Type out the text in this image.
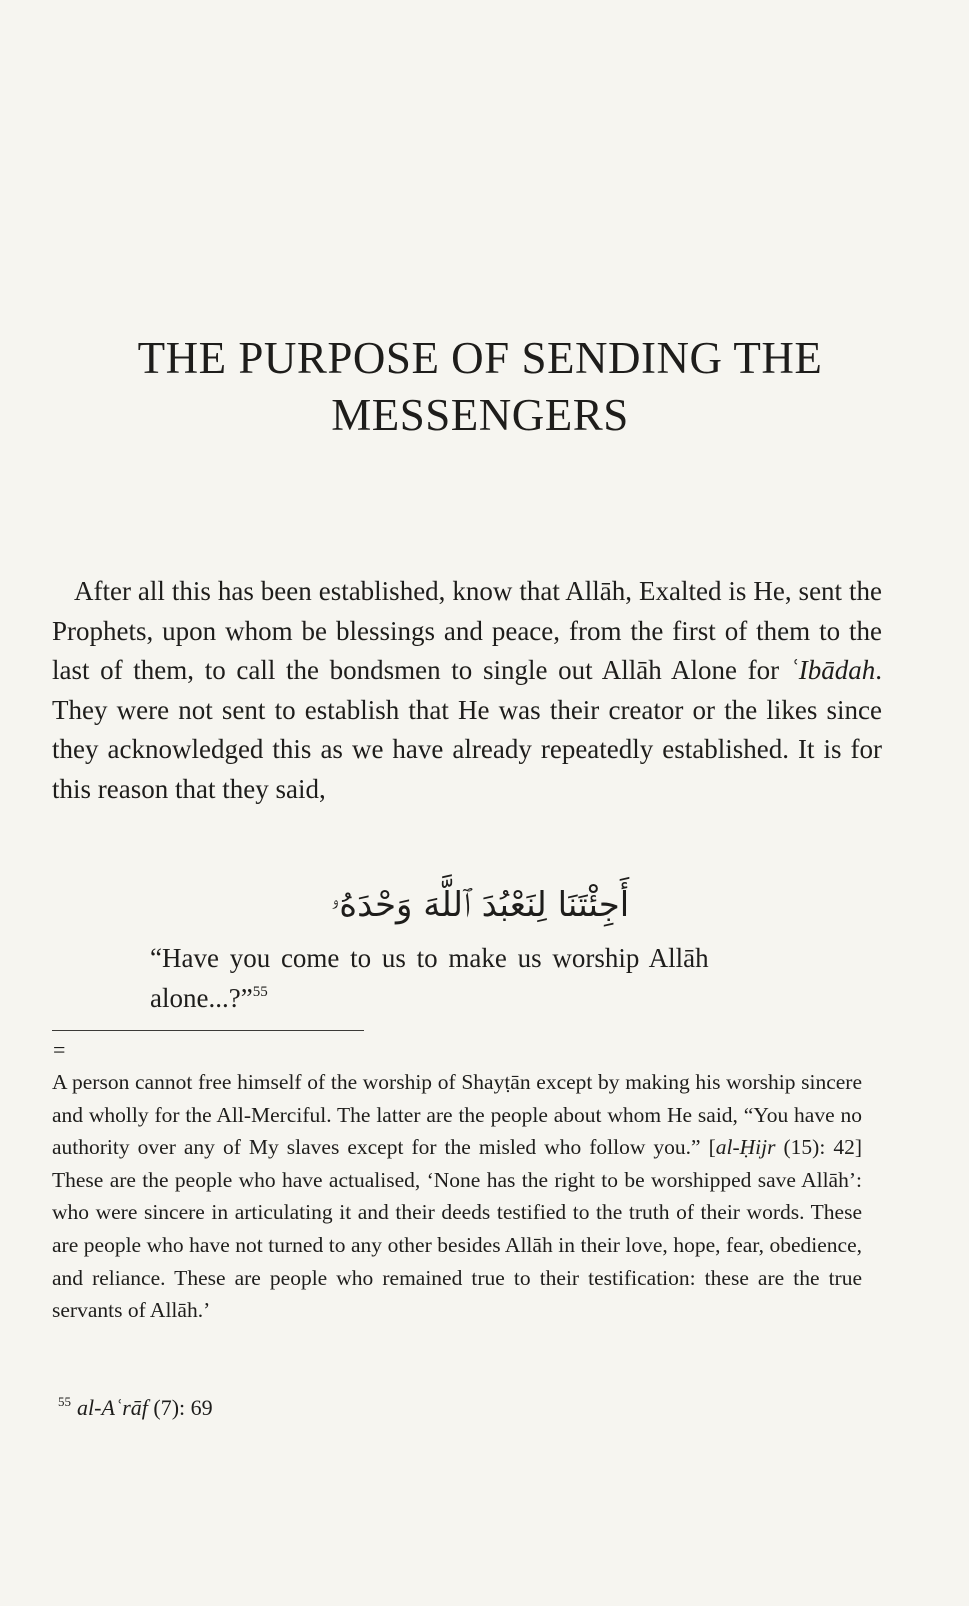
THE PURPOSE OF SENDING THE
MESSENGERS

After all this has been established, know that Allāh, Exalted is He, sent the Prophets, upon whom be blessings and peace, from the first of them to the last of them, to call the bondsmen to single out Allāh Alone for ʿIbādah. They were not sent to establish that He was their creator or the likes since they acknowledged this as we have already repeatedly established. It is for this reason that they said,

أَجِئْتَنَا لِنَعْبُدَ ٱللَّهَ وَحْدَهُۥ

“Have you come to us to make us worship Allāh alone...?”$^{55}$

=

A person cannot free himself of the worship of Shayṭān except by making his worship sincere and wholly for the All-Merciful. The latter are the people about whom He said, “You have no authority over any of My slaves except for the misled who follow you.” [al-Ḥijr (15): 42] These are the people who have actualised, ‘None has the right to be worshipped save Allāh’: who were sincere in articulating it and their deeds testified to the truth of their words. These are people who have not turned to any other besides Allāh in their love, hope, fear, obedience, and reliance. These are people who remained true to their testification: these are the true servants of Allāh.’

$^{55}$ al-Aʿrāf (7): 69
